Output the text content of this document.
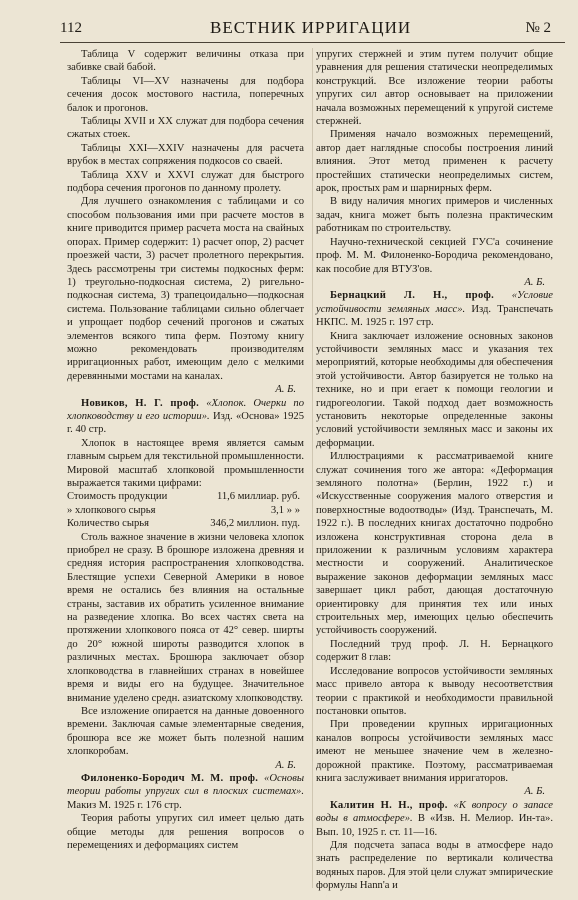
112	ВЕСТНИК ИРРИГАЦИИ	№ 2

Таблица V содержит величины отказа при забивке свай бабой.

Таблицы VI—XV назначены для подбора сечения досок мостового настила, поперечных балок и прогонов.

Таблицы XVII и XX служат для подбора сечения сжатых стоек.

Таблицы XXI—XXIV назначены для расчета врубок в местах сопряжения подкосов со сваей.

Таблица XXV и XXVI служат для быстрого подбора сечения прогонов по данному пролету.

Для лучшего ознакомления с таблицами и со способом пользования ими при расчете мостов в книге приводится пример расчета моста на свайных опорах. Пример содержит: 1) расчет опор, 2) расчет проезжей части, 3) расчет пролетного перекрытия. Здесь рассмотрены три системы подкосных ферм: 1) треугольно-подкосная система, 2) ригельно-подкосная система, 3) трапецоидально—подкосная система. Пользование таблицами сильно облегчает и упрощает подбор сечений прогонов и сжатых элементов всякого типа ферм. Поэтому книгу можно рекомендовать производителям ирригационных работ, имеющим дело с мелкими деревянными мостами на каналах.

А. Б.

Новиков, Н. Г. проф. «Хлопок. Очерки по хлопководству и его истории». Изд. «Основа» 1925 г. 40 стр.

Хлопок в настоящее время является самым главным сырьем для текстильной промышленности. Мировой масштаб хлопковой промышленности выражается такими цифрами:

Стоимость продукции	11,6 миллиар. руб.
» хлопкового сырья	3,1 » »
Количество сырья	346,2 миллион. пуд.

Столь важное значение в жизни человека хлопок приобрел не сразу. В брошюре изложена древняя и средняя история распространения хлопководства. Блестящие успехи Северной Америки в новое время не остались без влияния на остальные страны, заставив их обратить усиленное внимание на разведение хлопка. Во всех частях света на протяжении хлопкового пояса от 42° север. ширты до 20° южной широты разводится хлопок в различных местах. Брошюра заключает обзор хлопководства в главнейших странах в новейшее время и виды его на будущее. Значительное внимание уделено средн. азиатскому хлопководству.

Все изложение опирается на данные довоенного времени. Заключая самые элементарные сведения, брошюра все же может быть полезной нашим хлопкоробам.

А. Б.

Филоненко-Бородич М. М. проф. «Основы теории работы упругих сил в плоских системах». Макиз М. 1925 г. 176 стр.

Теория работы упругих сил имеет целью дать общие методы для решения вопросов о перемещениях и деформациях систем

упругих стержней и этим путем получит общие уравнения для решения статически неопределимых конструкций. Все изложение теории работы упругих сил автор основывает на приложении начала возможных перемещений к упругой системе стержней.

Применяя начало возможных перемещений, автор дает наглядные способы построения линий влияния. Этот метод применен к расчету простейших статически неопределимых систем, арок, простых рам и шарнирных ферм.

В виду наличия многих примеров и численных задач, книга может быть полезна практическим работникам по строительству.

Научно-технической секцией ГУС'а сочинение проф. М. М. Филоненко-Бородича рекомендовано, как пособие для ВТУЗ'ов.

А. Б.

Бернацкий Л. Н., проф. «Условие устойчивости земляных масс». Изд. Транспечать НКПС. М. 1925 г. 197 стр.

Книга заключает изложение основных законов устойчивости земляных масс и указания тех мероприятий, которые необходимы для обеспечения этой устойчивости. Автор базируется не только на технике, но и при егает к помощи геологии и гидрогеологии. Такой подход дает возможность установить некоторые определенные законы условий устойчивости земляных масс и законы их деформации.

Иллюстрациями к рассматриваемой книге служат сочинения того же автора: «Деформация земляного полотна» (Берлин, 1922 г.) и «Искусственные сооружения малого отверстия и поверхностные водоотводы» (Изд. Транспечать, М. 1922 г.). В последних книгах достаточно подробно изложена конструктивная сторона дела в приложении к различным условиям характера местности и сооружений. Аналитическое выражение законов деформации земляных масс завершает цикл работ, дающая достаточную ориентировку для принятия тех или иных строительных мер, имеющих целью обеспечить устойчивость сооружений.

Последний труд проф. Л. Н. Бернацкого содержит 8 глав:

Исследование вопросов устойчивости земляных масс привело автора к выводу несоответствия теории с практикой и необходимости правильной постановки опытов.

При проведении крупных ирригационных каналов вопросы устойчивости земляных масс имеют не меньшее значение чем в железно-дорожной практике. Поэтому, рассматриваемая книга заслуживает внимания ирригаторов.

А. Б.

Калитин Н. Н., проф. «К вопросу о запасе воды в атмосфере». В «Изв. Н. Мелиор. Ин-та». Вып. 10, 1925 г. ст. 11—16.

Для подсчета запаса воды в атмосфере надо знать распределение по вертикали количества водяных паров. Для этой цели служат эмпирические формулы Hann'a и
